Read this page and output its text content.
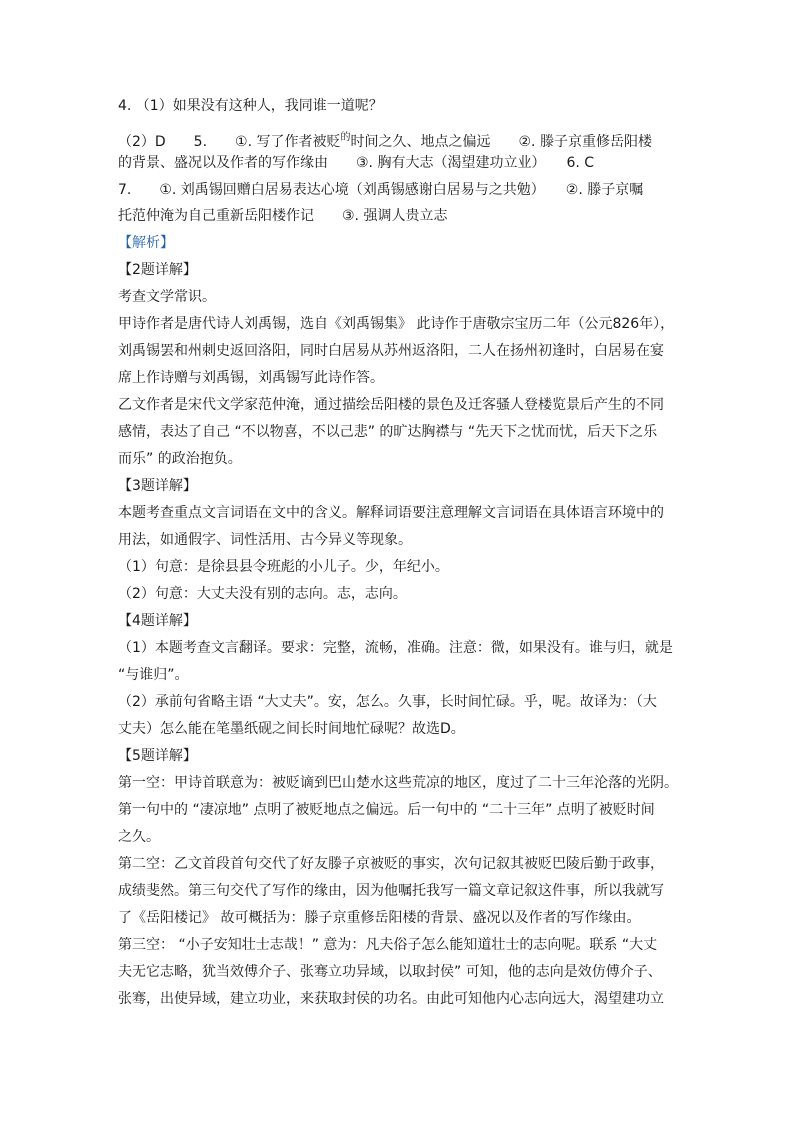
4. （1）如果没有这种人，我同谁一道呢？
（2）D　　5.　　①. 写了作者被贬$^的$时间之久、地点之偏远　　②. 滕子京重修岳阳楼
的背景、盛况以及作者的写作缘由　　③. 胸有大志（渴望建功立业）　　6. C
7.　　①. 刘禹锡回赠白居易表达心境（刘禹锡感谢白居易与之共勉）　　②. 滕子京嘱
托范仲淹为自己重新岳阳楼作记　　③. 强调人贵立志
【解析】
【2题详解】
考查文学常识。
甲诗作者是唐代诗人刘禹锡，选自《刘禹锡集》 此诗作于唐敬宗宝历二年（公元826年），
刘禹锡罢和州刺史返回洛阳，同时白居易从苏州返洛阳，二人在扬州初逢时，白居易在宴
席上作诗赠与刘禹锡，刘禹锡写此诗作答。
乙文作者是宋代文学家范仲淹，通过描绘岳阳楼的景色及迁客骚人登楼览景后产生的不同
感情，表达了自己 “不以物喜，不以己悲” 的旷达胸襟与 “先天下之忧而忧，后天下之乐
而乐” 的政治抱负。
【3题详解】
本题考查重点文言词语在文中的含义。解释词语要注意理解文言词语在具体语言环境中的
用法，如通假字、词性活用、古今异义等现象。
（1）句意：是徐县县令班彪的小儿子。少，年纪小。
（2）句意：大丈夫没有别的志向。志，志向。
【4题详解】
（1）本题考查文言翻译。要求：完整，流畅，准确。注意：微，如果没有。谁与归，就是
“与谁归”。
（2）承前句省略主语 “大丈夫”。安，怎么。久事，长时间忙碌。乎，呢。故译为：（大
丈夫）怎么能在笔墨纸砚之间长时间地忙碌呢？故选D。
【5题详解】
第一空：甲诗首联意为：被贬谪到巴山楚水这些荒凉的地区，度过了二十三年沦落的光阴。
第一句中的 “凄凉地” 点明了被贬地点之偏远。后一句中的 “二十三年” 点明了被贬时间
之久。
第二空：乙文首段首句交代了好友滕子京被贬的事实，次句记叙其被贬巴陵后勤于政事，
成绩斐然。第三句交代了写作的缘由，因为他嘱托我写一篇文章记叙这件事，所以我就写
了《岳阳楼记》 故可概括为：滕子京重修岳阳楼的背景、盛况以及作者的写作缘由。
第三空： “小子安知壮士志哉！” 意为：凡夫俗子怎么能知道壮士的志向呢。联系 “大丈
夫无它志略，犹当效傅介子、张骞立功异域，以取封侯” 可知，他的志向是效仿傅介子、
张骞，出使异域，建立功业，来获取封侯的功名。由此可知他内心志向远大，渴望建功立
